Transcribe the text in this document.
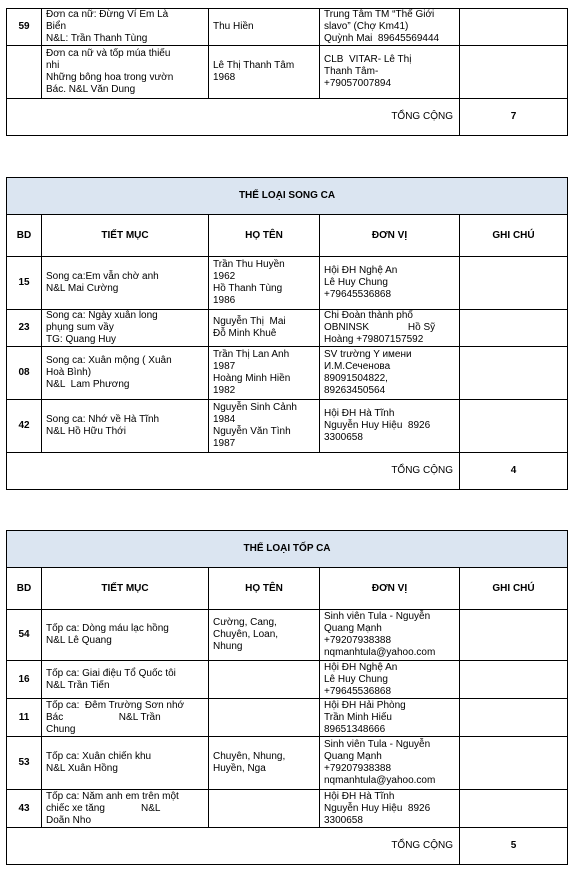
59	Đơn ca nữ: Đừng Ví Em Là
Biển
N&L: Trần Thanh Tùng	Thu Hiền	Trung Tâm TM “Thế Giới
slavo” (Chợ Km41)
Quỳnh Mai  89645569444	

	Đơn ca nữ và tốp múa thiếu
nhi
Những bông hoa trong vườn
Bác. N&L Văn Dung	Lê Thị Thanh Tâm
1968	CLB  VITAR- Lê Thị
Thanh Tâm-
+79057007894	

TỔNG CỘNG				7
THỂ LOẠI SONG CA				
BD	TIẾT MỤC	HỌ TÊN	ĐƠN VỊ	GHI CHÚ
15	Song ca:Em vẫn chờ anh
N&L Mai Cường	Trần Thu Huyền
1962
Hồ Thanh Tùng
1986	Hội ĐH Nghệ An
Lê Huy Chung
+79645536868	

23	Song ca: Ngày xuân long
phụng sum vầy
TG: Quang Huy	Nguyễn Thị  Mai
Đỗ Minh Khuê	Chi Đoàn thành phố
OBNINSK              Hồ Sỹ
Hoàng +79807157592	

08	Song ca: Xuân mộng ( Xuân
Hoà Bình)
N&L  Lam Phương	Trần Thị Lan Anh
1987
Hoàng Minh Hiền
1982	SV trường Y имени
И.М.Сеченова
89091504822,
89263450564	

42	Song ca: Nhớ về Hà Tĩnh
N&L Hồ Hữu Thới	Nguyễn Sinh Cảnh
1984
Nguyễn Văn Tình
1987	Hội ĐH Hà Tĩnh
Nguyễn Huy Hiệu  8926
3300658	

TỔNG CỘNG				4
THỂ LOẠI TỐP CA				
BD	TIẾT MỤC	HỌ TÊN	ĐƠN VỊ	GHI CHÚ
54	Tốp ca: Dòng máu lạc hồng
N&L Lê Quang	Cường, Cang,
Chuyên, Loan,
Nhung	Sinh viên Tula - Nguyễn
Quang Mạnh
+79207938388
nqmanhtula@yahoo.com	

16	Tốp ca: Giai điệu Tổ Quốc tôi
N&L Trần Tiến		Hội ĐH Nghệ An
Lê Huy Chung
+79645536868	

11	Tốp ca:  Đêm Trường Sơn nhớ
Bác                    N&L Trần
Chung		Hội ĐH Hải Phòng
Trần Minh Hiếu
89651348666	

53	Tốp ca: Xuân chiến khu
N&L Xuân Hồng	Chuyên, Nhung,
Huyền, Nga	Sinh viên Tula - Nguyễn
Quang Mạnh
+79207938388
nqmanhtula@yahoo.com	

43	Tốp ca: Năm anh em trên một
chiếc xe tăng             N&L
Doãn Nho		Hội ĐH Hà Tĩnh
Nguyễn Huy Hiệu  8926
3300658	

TỔNG CỘNG				5
